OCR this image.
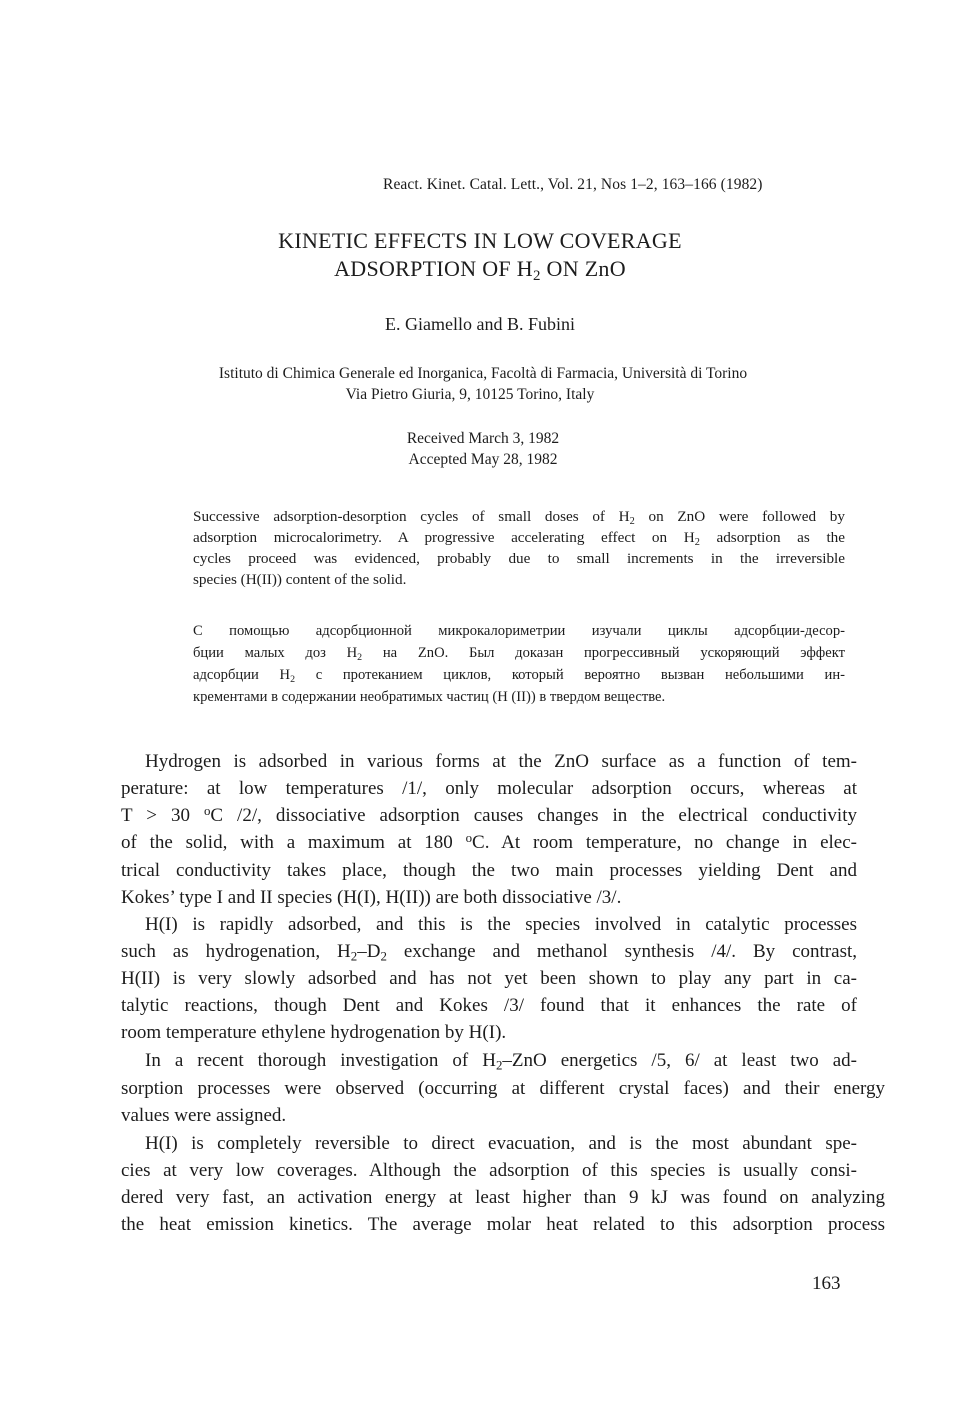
React. Kinet. Catal. Lett., Vol. 21, Nos 1–2, 163–166 (1982)

KINETIC EFFECTS IN LOW COVERAGE

ADSORPTION OF $H_2$ ON ZnO

E. Giamello and B. Fubini

Istituto di Chimica Generale ed Inorganica, Facoltà di Farmacia, Università di Torino

Via Pietro Giuria, 9, 10125 Torino, Italy

Received March 3, 1982

Accepted May 28, 1982

Successive adsorption-desorption cycles of small doses of $H_2$ on ZnO were followed by

adsorption microcalorimetry. A progressive accelerating effect on $H_2$ adsorption as the

cycles proceed was evidenced, probably due to small increments in the irreversible

species (H(II)) content of the solid.

С помощью адсорбционной микрокалориметрии изучали циклы адсорбции-десор-

бции малых доз $H_2$ на ZnO. Был доказан прогрессивный ускоряющий эффект

адсорбции $H_2$ с протеканием циклов, который вероятно вызван небольшими ин-

крементами в содержании необратимых частиц (H (II)) в твердом веществе.

Hydrogen is adsorbed in various forms at the ZnO surface as a function of tem-

perature: at low temperatures /1/, only molecular adsorption occurs, whereas at

T > 30 $^o$C /2/, dissociative adsorption causes changes in the electrical conductivity

of the solid, with a maximum at 180 $^o$C. At room temperature, no change in elec-

trical conductivity takes place, though the two main processes yielding Dent and

Kokes’ type I and II species (H(I), H(II)) are both dissociative /3/.

H(I) is rapidly adsorbed, and this is the species involved in catalytic processes

such as hydrogenation, $H_2-D_2$ exchange and methanol synthesis /4/. By contrast,

H(II) is very slowly adsorbed and has not yet been shown to play any part in ca-

talytic reactions, though Dent and Kokes /3/ found that it enhances the rate of

room temperature ethylene hydrogenation by H(I).

In a recent thorough investigation of $H_2$–ZnO energetics /5, 6/ at least two ad-

sorption processes were observed (occurring at different crystal faces) and their energy

values were assigned.

H(I) is completely reversible to direct evacuation, and is the most abundant spe-

cies at very low coverages. Although the adsorption of this species is usually consi-

dered very fast, an activation energy at least higher than 9 kJ was found on analyzing

the heat emission kinetics. The average molar heat related to this adsorption process

163
